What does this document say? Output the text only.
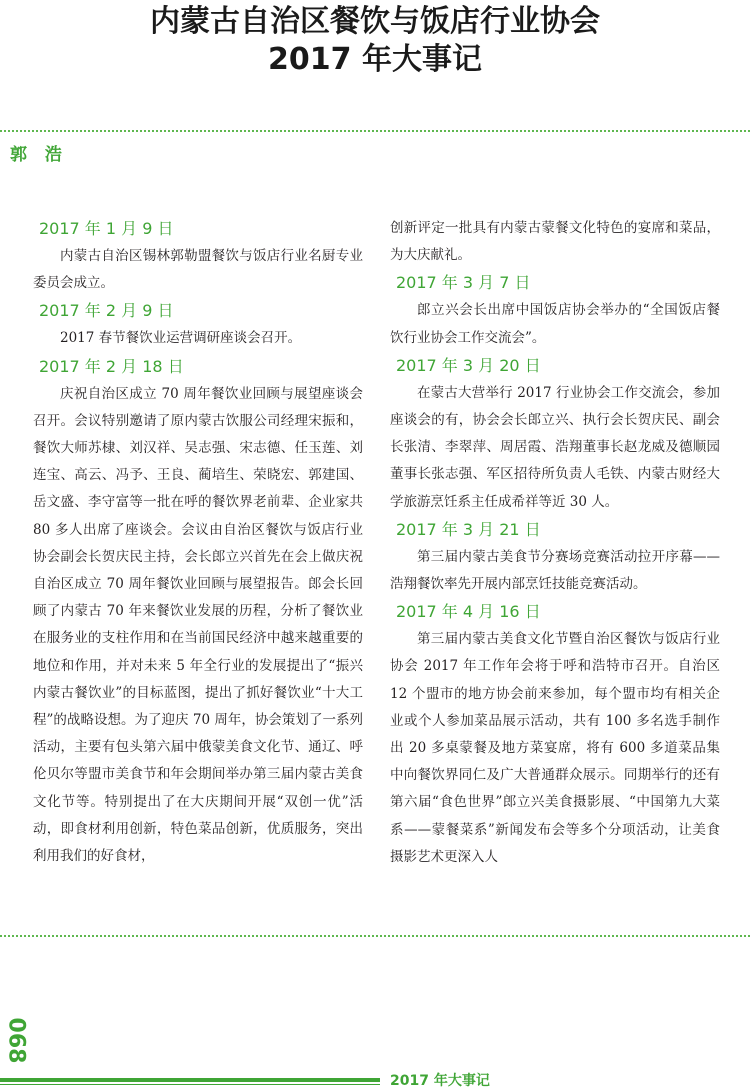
内蒙古自治区餐饮与饭店行业协会
2017 年大事记
郭 浩
2017 年 1 月 9 日

内蒙古自治区锡林郭勒盟餐饮与饭店行业名厨专业委员会成立。

2017 年 2 月 9 日

2017 春节餐饮业运营调研座谈会召开。

2017 年 2 月 18 日

庆祝自治区成立 70 周年餐饮业回顾与展望座谈会召开。会议特别邀请了原内蒙古饮服公司经理宋振和，餐饮大师苏棣、刘汉祥、吴志强、宋志德、任玉莲、刘连宝、高云、冯予、王良、蔺培生、荣晓宏、郭建国、岳文盛、李守富等一批在呼的餐饮界老前辈、企业家共 80 多人出席了座谈会。会议由自治区餐饮与饭店行业协会副会长贺庆民主持，会长郎立兴首先在会上做庆祝自治区成立 70 周年餐饮业回顾与展望报告。郎会长回顾了内蒙古 70 年来餐饮业发展的历程，分析了餐饮业在服务业的支柱作用和在当前国民经济中越来越重要的地位和作用，并对未来 5 年全行业的发展提出了“振兴内蒙古餐饮业”的目标蓝图，提出了抓好餐饮业“十大工程”的战略设想。为了迎庆 70 周年，协会策划了一系列活动，主要有包头第六届中俄蒙美食文化节、通辽、呼伦贝尔等盟市美食节和年会期间举办第三届内蒙古美食文化节等。特别提出了在大庆期间开展“双创一优”活动，即食材利用创新，特色菜品创新，优质服务，突出利用我们的好食材，

创新评定一批具有内蒙古蒙餐文化特色的宴席和菜品，为大庆献礼。

2017 年 3 月 7 日

郎立兴会长出席中国饭店协会举办的“全国饭店餐饮行业协会工作交流会”。

2017 年 3 月 20 日

在蒙古大营举行 2017 行业协会工作交流会，参加座谈会的有，协会会长郎立兴、执行会长贺庆民、副会长张清、李翠萍、周居霞、浩翔董事长赵龙威及德顺园董事长张志强、军区招待所负责人毛铁、内蒙古财经大学旅游烹饪系主任成希祥等近 30 人。

2017 年 3 月 21 日

第三届内蒙古美食节分赛场竞赛活动拉开序幕——浩翔餐饮率先开展内部烹饪技能竞赛活动。

2017 年 4 月 16 日

第三届内蒙古美食文化节暨自治区餐饮与饭店行业协会 2017 年工作年会将于呼和浩特市召开。自治区 12 个盟市的地方协会前来参加，每个盟市均有相关企业或个人参加菜品展示活动，共有 100 多名选手制作出 20 多桌蒙餐及地方菜宴席，将有 600 多道菜品集中向餐饮界同仁及广大普通群众展示。同期举行的还有第六届“食色世界”郎立兴美食摄影展、“中国第九大菜系——蒙餐菜系”新闻发布会等多个分项活动，让美食摄影艺术更深入人

068
2017 年大事记
